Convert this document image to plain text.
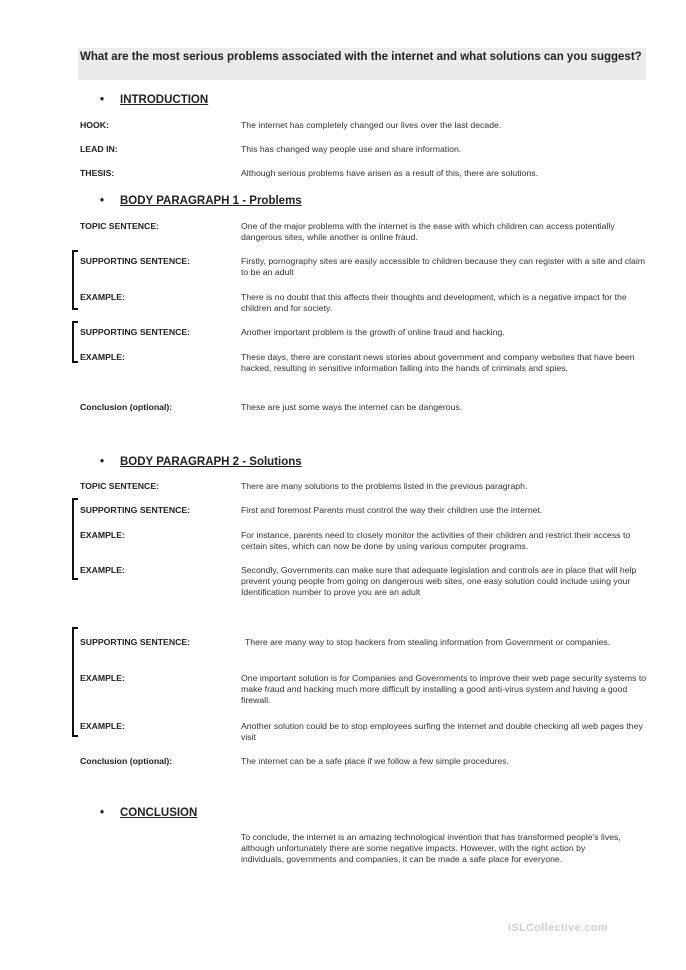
What are the most serious problems associated with the internet and what solutions can you suggest?
• INTRODUCTION
HOOK:	The internet has completely changed our lives over the last decade.
LEAD IN:	This has changed way people use and share information.
THESIS:	Although serious problems have arisen as a result of this, there are solutions.
• BODY PARAGRAPH 1 - Problems
TOPIC SENTENCE:	One of the major problems with the internet is the ease with which children can access potentially dangerous sites, while another is online fraud.
SUPPORTING SENTENCE:	Firstly, pornography sites are easily accessible to children because they can register with a site and claim to be an adult
EXAMPLE:	There is no doubt that this affects their thoughts and development, which is a negative impact for the children and for society.
SUPPORTING SENTENCE:	Another important problem is the growth of online fraud and hacking.
EXAMPLE:	These days, there are constant news stories about government and company websites that have been hacked, resulting in sensitive information falling into the hands of criminals and spies.
Conclusion (optional):	These are just some ways the internet can be dangerous.
• BODY PARAGRAPH 2 - Solutions
TOPIC SENTENCE:	There are many solutions to the problems listed in the previous paragraph.
SUPPORTING SENTENCE:	First and foremost Parents must control the way their children use the internet.
EXAMPLE:	For instance, parents need to closely monitor the activities of their children and restrict their access to certain sites, which can now be done by using various computer programs.
EXAMPLE:	Secondly, Governments can make sure that adequate legislation and controls are in place that will help prevent young people from going on dangerous web sites, one easy solution could include using your Identification number to prove you are an adult
SUPPORTING SENTENCE:	There are many way to stop hackers from stealing information from Government or companies.
EXAMPLE:	One important solution is for Companies and Governments to improve their web page security systems to make fraud and hacking much more difficult by installing a good anti-virus system and having a good firewall.
EXAMPLE:	Another solution could be to stop employees surfing the internet and double checking all web pages they visit
Conclusion (optional):	The internet can be a safe place if we follow a few simple procedures.
• CONCLUSION
To conclude, the internet is an amazing technological invention that has transformed people's lives, although unfortunately there are some negative impacts. However, with the right action by individuals, governments and companies, it can be made a safe place for everyone.
iSLCollective.com
